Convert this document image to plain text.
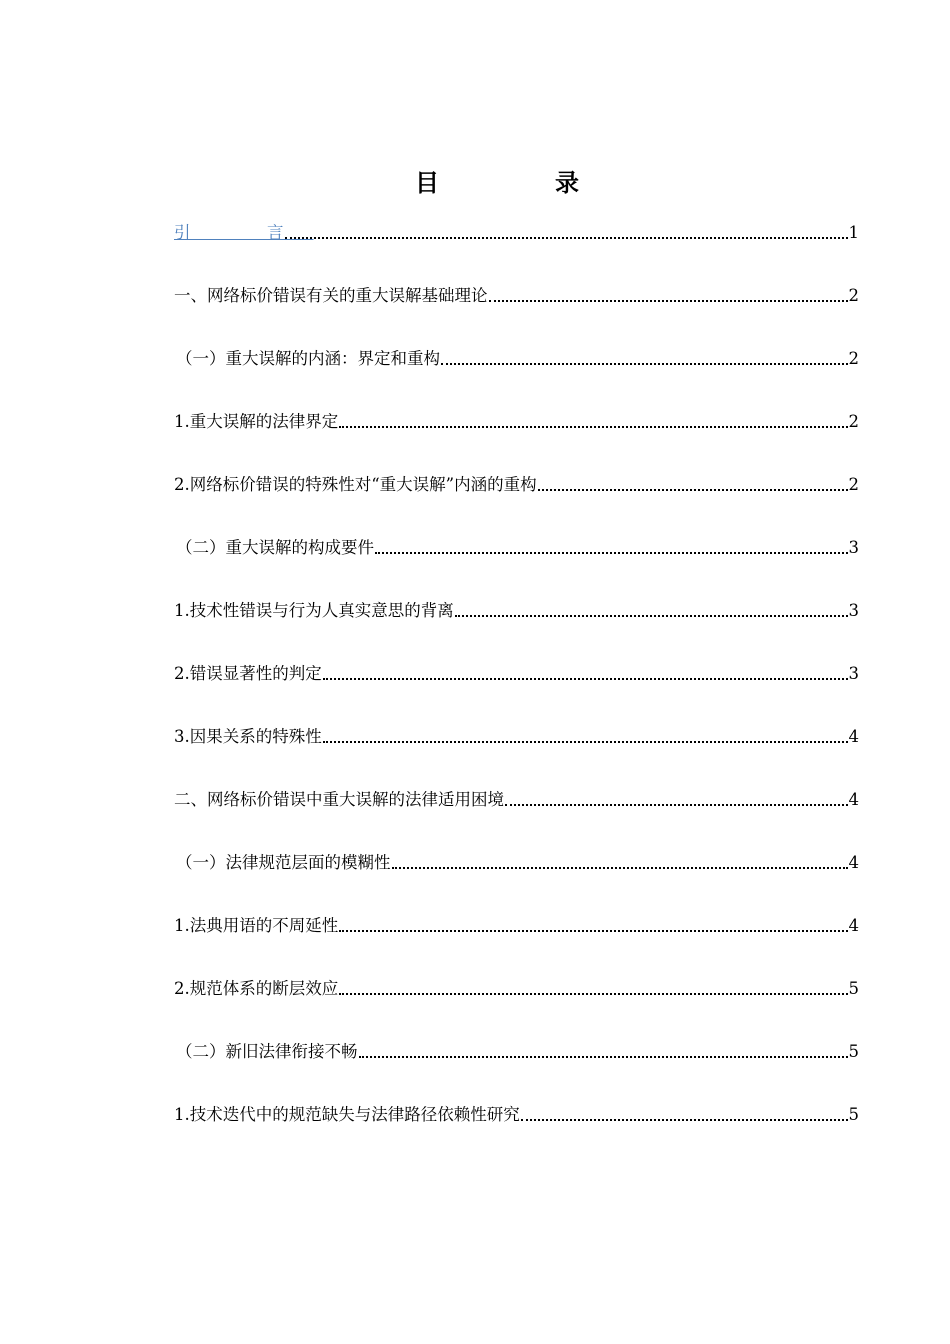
目　录
引　言	1
一、网络标价错误有关的重大误解基础理论	2
（一）重大误解的内涵：界定和重构	2
1.重大误解的法律界定	2
2.网络标价错误的特殊性对“重大误解”内涵的重构	2
（二）重大误解的构成要件	3
1.技术性错误与行为人真实意思的背离	3
2.错误显著性的判定	3
3.因果关系的特殊性	4
二、网络标价错误中重大误解的法律适用困境	4
（一）法律规范层面的模糊性	4
1.法典用语的不周延性	4
2.规范体系的断层效应	5
（二）新旧法律衔接不畅	5
1.技术迭代中的规范缺失与法律路径依赖性研究	5
